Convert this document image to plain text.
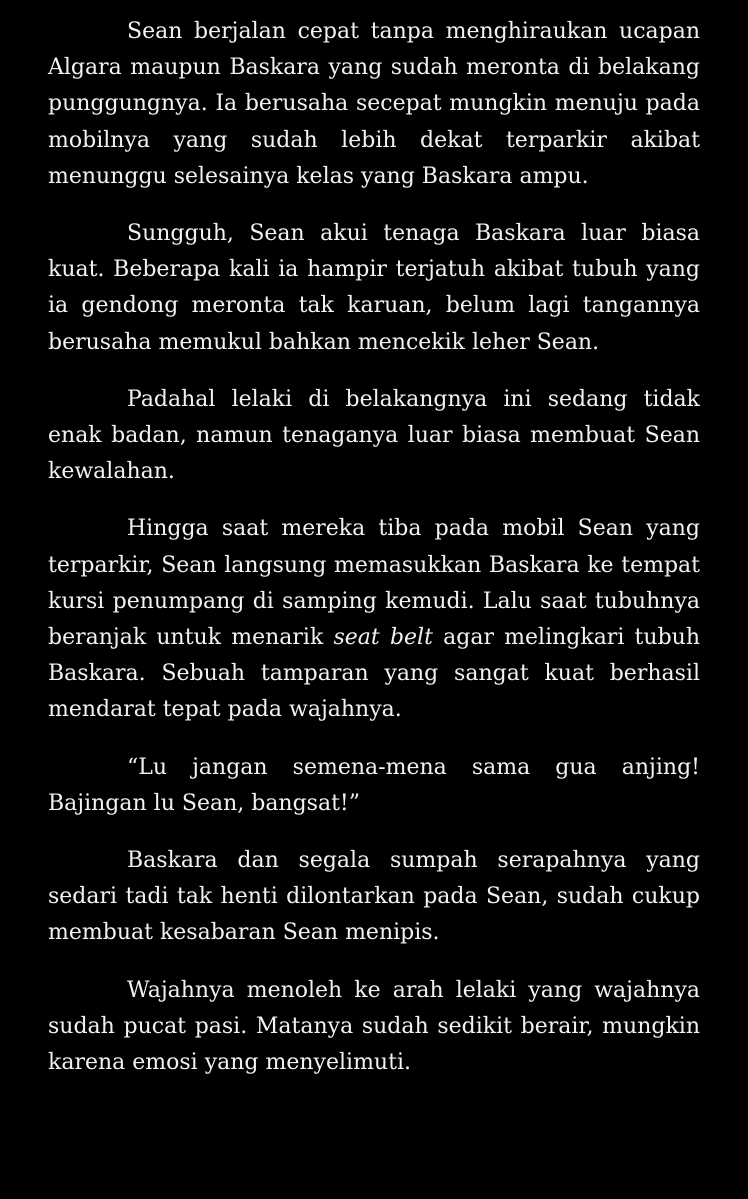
Sean berjalan cepat tanpa menghiraukan ucapan Algara maupun Baskara yang sudah meronta di belakang punggungnya. Ia berusaha secepat mungkin menuju pada mobilnya yang sudah lebih dekat terparkir akibat menunggu selesainya kelas yang Baskara ampu.

Sungguh, Sean akui tenaga Baskara luar biasa kuat. Beberapa kali ia hampir terjatuh akibat tubuh yang ia gendong meronta tak karuan, belum lagi tangannya berusaha memukul bahkan mencekik leher Sean.

Padahal lelaki di belakangnya ini sedang tidak enak badan, namun tenaganya luar biasa membuat Sean kewalahan.

Hingga saat mereka tiba pada mobil Sean yang terparkir, Sean langsung memasukkan Baskara ke tempat kursi penumpang di samping kemudi. Lalu saat tubuhnya beranjak untuk menarik seat belt agar melingkari tubuh Baskara. Sebuah tamparan yang sangat kuat berhasil mendarat tepat pada wajahnya.

“Lu jangan semena-mena sama gua anjing! Bajingan lu Sean, bangsat!”

Baskara dan segala sumpah serapahnya yang sedari tadi tak henti dilontarkan pada Sean, sudah cukup membuat kesabaran Sean menipis.

Wajahnya menoleh ke arah lelaki yang wajahnya sudah pucat pasi. Matanya sudah sedikit berair, mungkin karena emosi yang menyelimuti.
